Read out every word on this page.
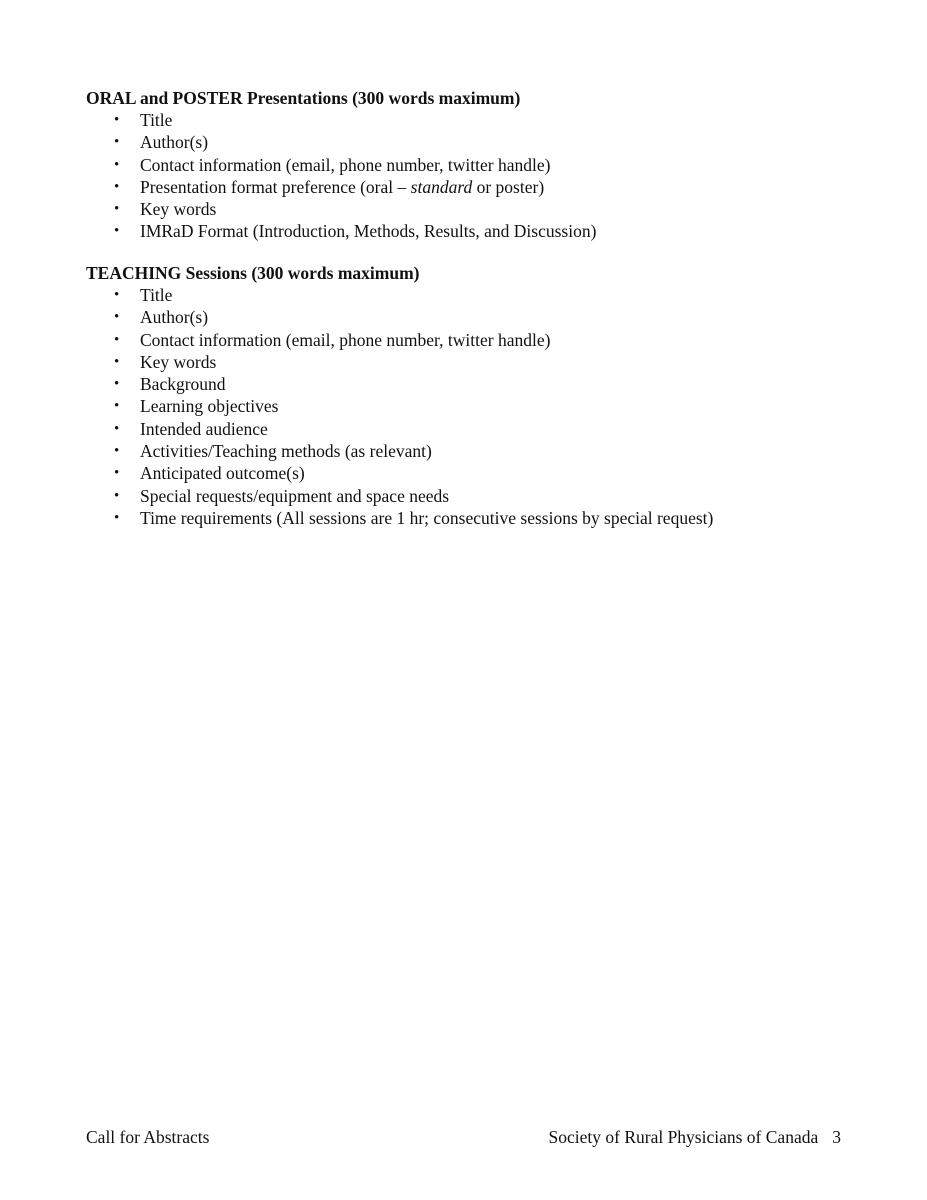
ORAL and POSTER Presentations (300 words maximum)
• Title
• Author(s)
• Contact information (email, phone number, twitter handle)
• Presentation format preference (oral – standard or poster)
• Key words
• IMRaD Format (Introduction, Methods, Results, and Discussion)
TEACHING Sessions (300 words maximum)
• Title
• Author(s)
• Contact information (email, phone number, twitter handle)
• Key words
• Background
• Learning objectives
• Intended audience
• Activities/Teaching methods (as relevant)
• Anticipated outcome(s)
• Special requests/equipment and space needs
• Time requirements (All sessions are 1 hr; consecutive sessions by special request)
Call for Abstracts	Society of Rural Physicians of Canada 3
